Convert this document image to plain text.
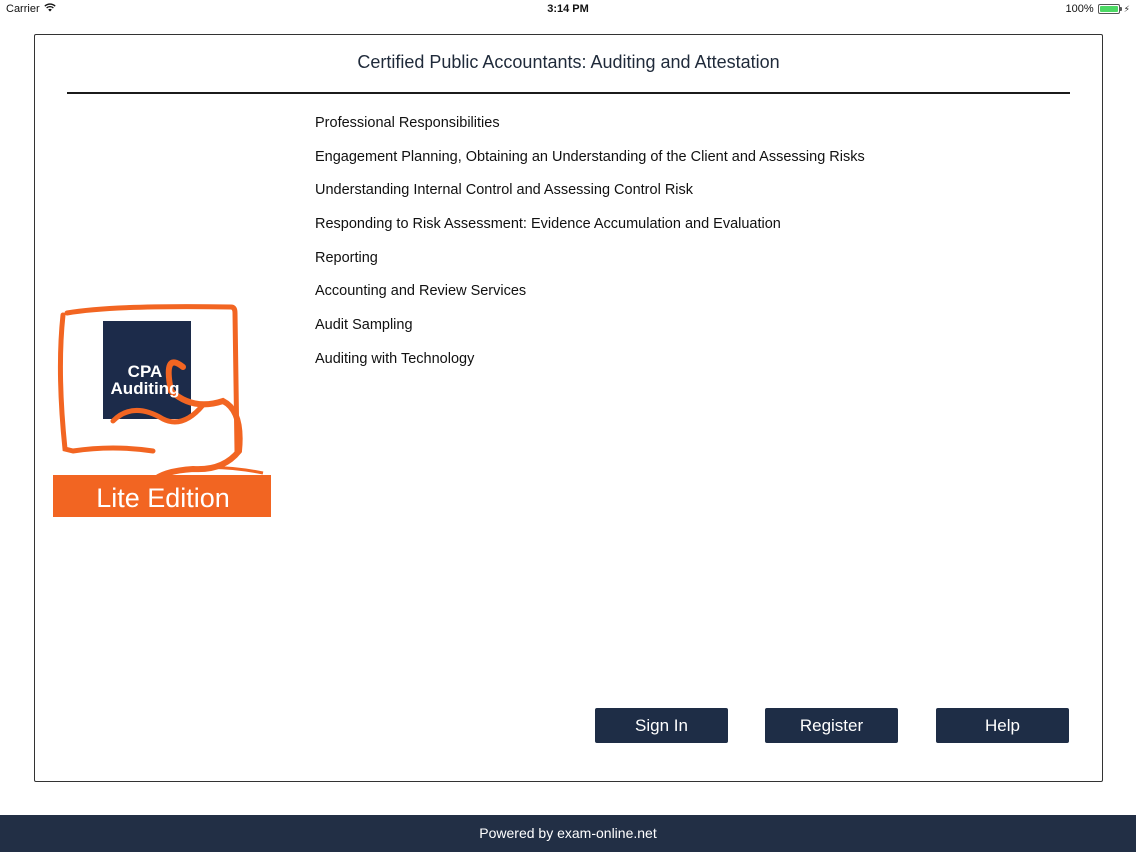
Carrier	3:14 PM	100%	⚡
Certified Public Accountants: Auditing and Attestation
Professional Responsibilities
Engagement Planning, Obtaining an Understanding of the Client and Assessing Risks
Understanding Internal Control and Assessing Control Risk
Responding to Risk Assessment: Evidence Accumulation and Evaluation
Reporting
Accounting and Review Services
Audit Sampling
Auditing with Technology
CPA
Auditing
Lite Edition
Sign In	Register	Help
Powered by exam-online.net
